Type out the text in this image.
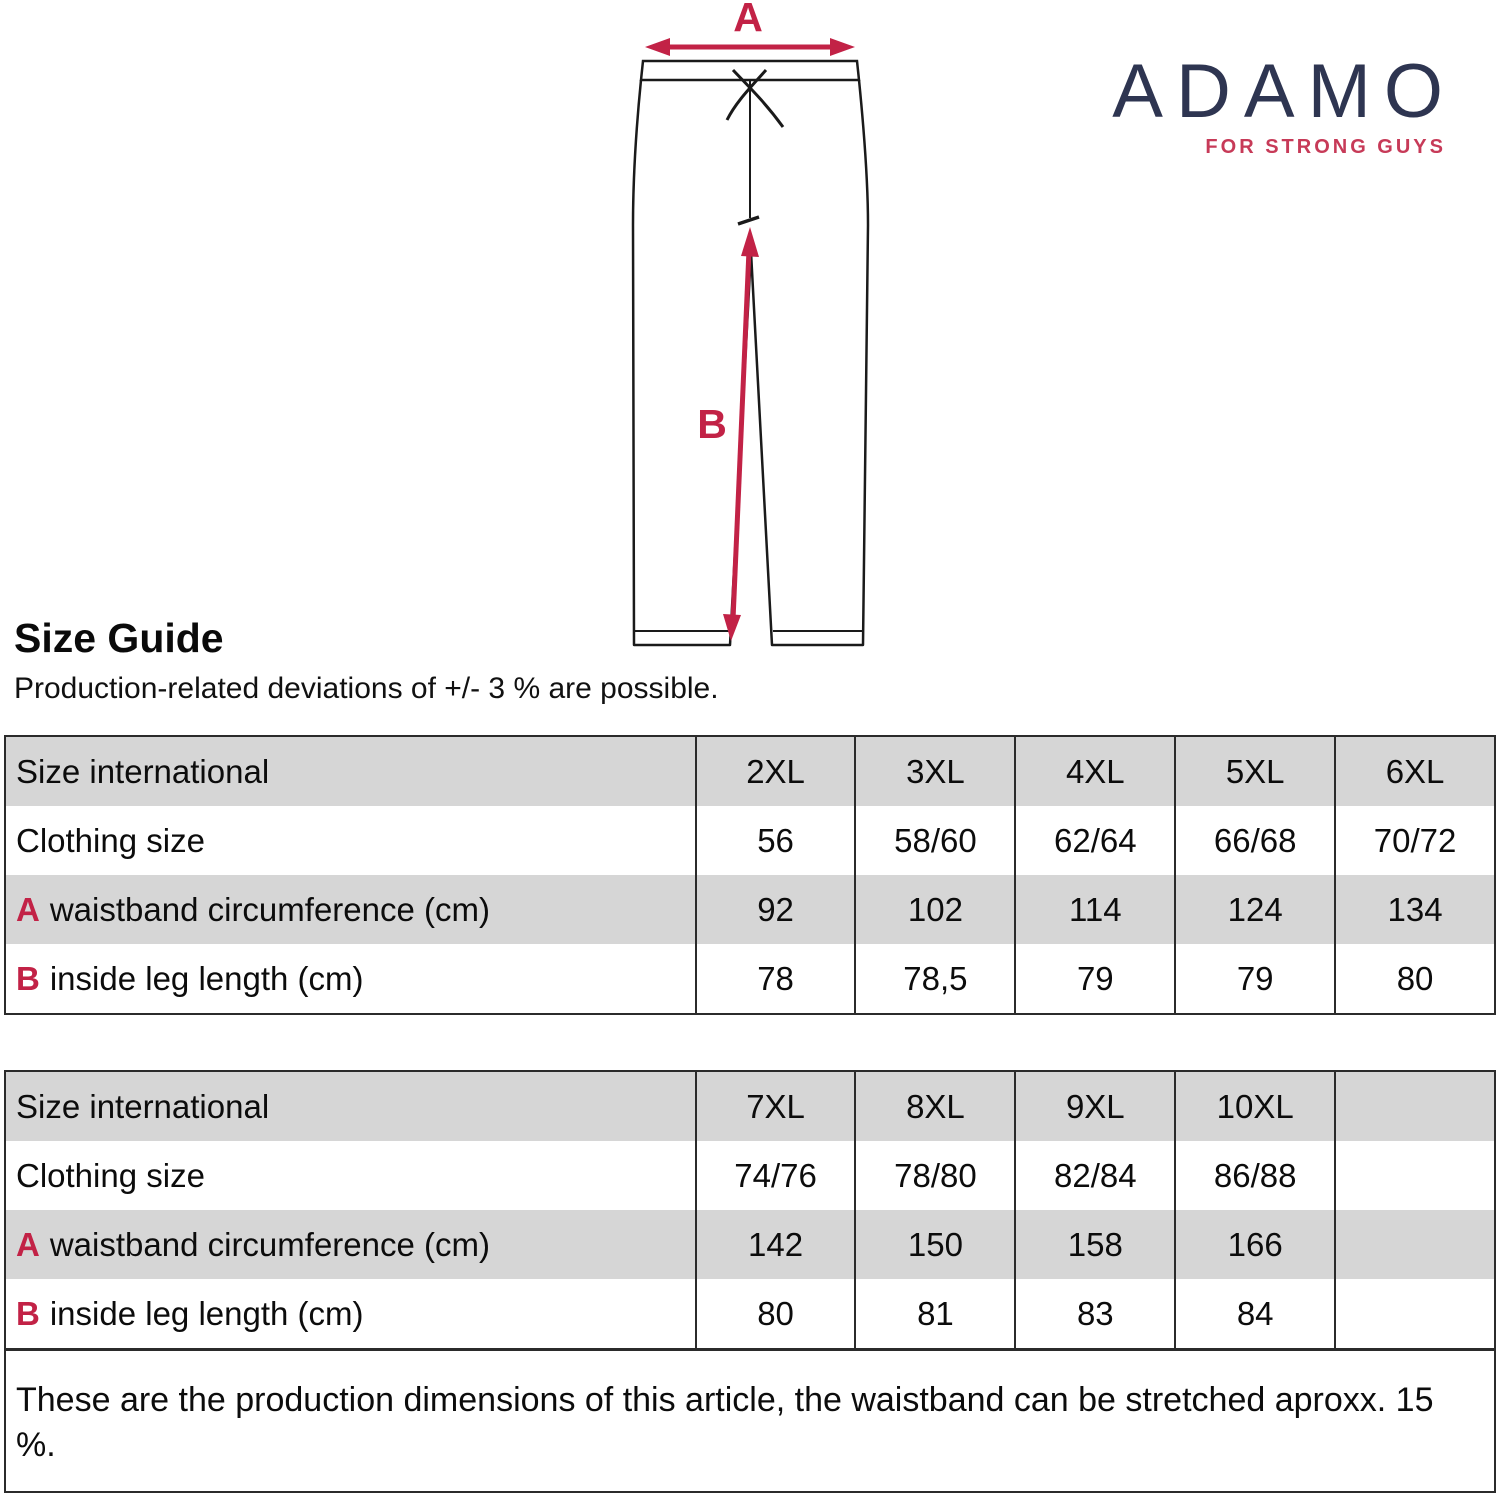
A
B
ADAMO
FOR STRONG GUYS
Size Guide

Production-related deviations of +/- 3 % are possible.

Size international	2XL	3XL	4XL	5XL	6XL
Clothing size	56	58/60	62/64	66/68	70/72
A waistband circumference (cm)	92	102	114	124	134
B inside leg length (cm)	78	78,5	79	79	80
Size international	7XL	8XL	9XL	10XL	
Clothing size	74/76	78/80	82/84	86/88	
A waistband circumference (cm)	142	150	158	166	
B inside leg length (cm)	80	81	83	84	
These are the production dimensions of this article, the waistband can be stretched aproxx. 15 %.					
